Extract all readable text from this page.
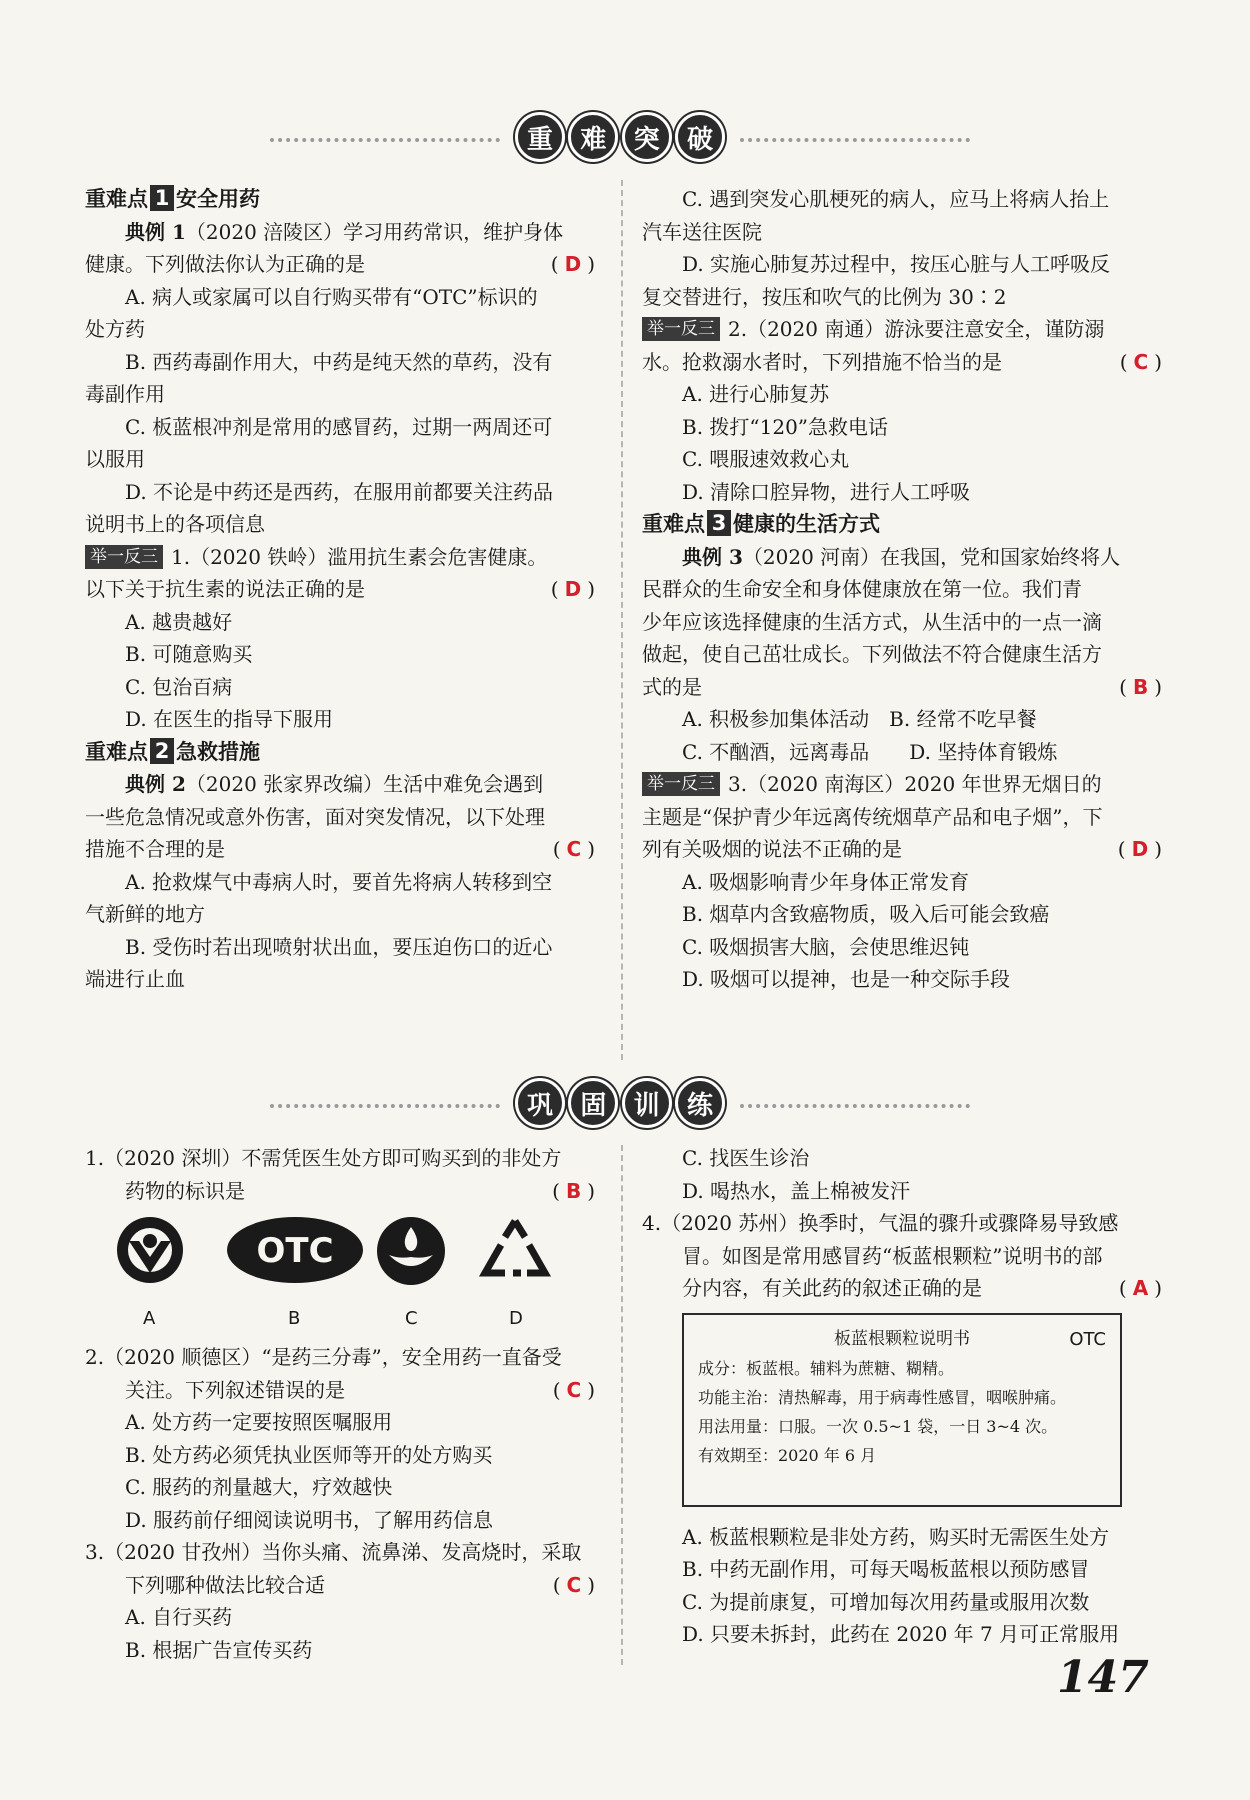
重	难	突	破
重难点 1 安全用药
典例 1（2020 涪陵区）学习用药常识，维护身体
健康。下列做法你认为正确的是	( D )
A. 病人或家属可以自行购买带有“OTC”标识的
处方药
B. 西药毒副作用大，中药是纯天然的草药，没有
毒副作用
C. 板蓝根冲剂是常用的感冒药，过期一两周还可
以服用
D. 不论是中药还是西药，在服用前都要关注药品
说明书上的各项信息
举一反三 1.（2020 铁岭）滥用抗生素会危害健康。
以下关于抗生素的说法正确的是	( D )
A. 越贵越好
B. 可随意购买
C. 包治百病
D. 在医生的指导下服用
重难点 2 急救措施
典例 2（2020 张家界改编）生活中难免会遇到
一些危急情况或意外伤害，面对突发情况，以下处理
措施不合理的是	( C )
A. 抢救煤气中毒病人时，要首先将病人转移到空
气新鲜的地方
B. 受伤时若出现喷射状出血，要压迫伤口的近心
端进行止血
C. 遇到突发心肌梗死的病人，应马上将病人抬上
汽车送往医院
D. 实施心肺复苏过程中，按压心脏与人工呼吸反
复交替进行，按压和吹气的比例为 30∶2
举一反三 2.（2020 南通）游泳要注意安全，谨防溺
水。抢救溺水者时，下列措施不恰当的是	( C )
A. 进行心肺复苏
B. 拨打“120”急救电话
C. 喂服速效救心丸
D. 清除口腔异物，进行人工呼吸
重难点 3 健康的生活方式
典例 3（2020 河南）在我国，党和国家始终将人
民群众的生命安全和身体健康放在第一位。我们青
少年应该选择健康的生活方式，从生活中的一点一滴
做起，使自己茁壮成长。下列做法不符合健康生活方
式的是	( B )
A. 积极参加集体活动　B. 经常不吃早餐
C. 不酗酒，远离毒品　　D. 坚持体育锻炼
举一反三 3.（2020 南海区）2020 年世界无烟日的
主题是“保护青少年远离传统烟草产品和电子烟”，下
列有关吸烟的说法不正确的是	( D )
A. 吸烟影响青少年身体正常发育
B. 烟草内含致癌物质，吸入后可能会致癌
C. 吸烟损害大脑，会使思维迟钝
D. 吸烟可以提神，也是一种交际手段
巩	固	训	练
1.（2020 深圳）不需凭医生处方即可购买到的非处方
药物的标识是	( B )
OTC
A	B	C	D
2.（2020 顺德区）“是药三分毒”，安全用药一直备受
关注。下列叙述错误的是	( C )
A. 处方药一定要按照医嘱服用
B. 处方药必须凭执业医师等开的处方购买
C. 服药的剂量越大，疗效越快
D. 服药前仔细阅读说明书，了解用药信息
3.（2020 甘孜州）当你头痛、流鼻涕、发高烧时，采取
下列哪种做法比较合适	( C )
A. 自行买药
B. 根据广告宣传买药
C. 找医生诊治
D. 喝热水，盖上棉被发汗
4.（2020 苏州）换季时，气温的骤升或骤降易导致感
冒。如图是常用感冒药“板蓝根颗粒”说明书的部
分内容，有关此药的叙述正确的是	( A )
板蓝根颗粒说明书	OTC
成分：板蓝根。辅料为蔗糖、糊精。
功能主治：清热解毒，用于病毒性感冒，咽喉肿痛。
用法用量：口服。一次 0.5~1 袋，一日 3~4 次。
有效期至：2020 年 6 月
A. 板蓝根颗粒是非处方药，购买时无需医生处方
B. 中药无副作用，可每天喝板蓝根以预防感冒
C. 为提前康复，可增加每次用药量或服用次数
D. 只要未拆封，此药在 2020 年 7 月可正常服用
147
